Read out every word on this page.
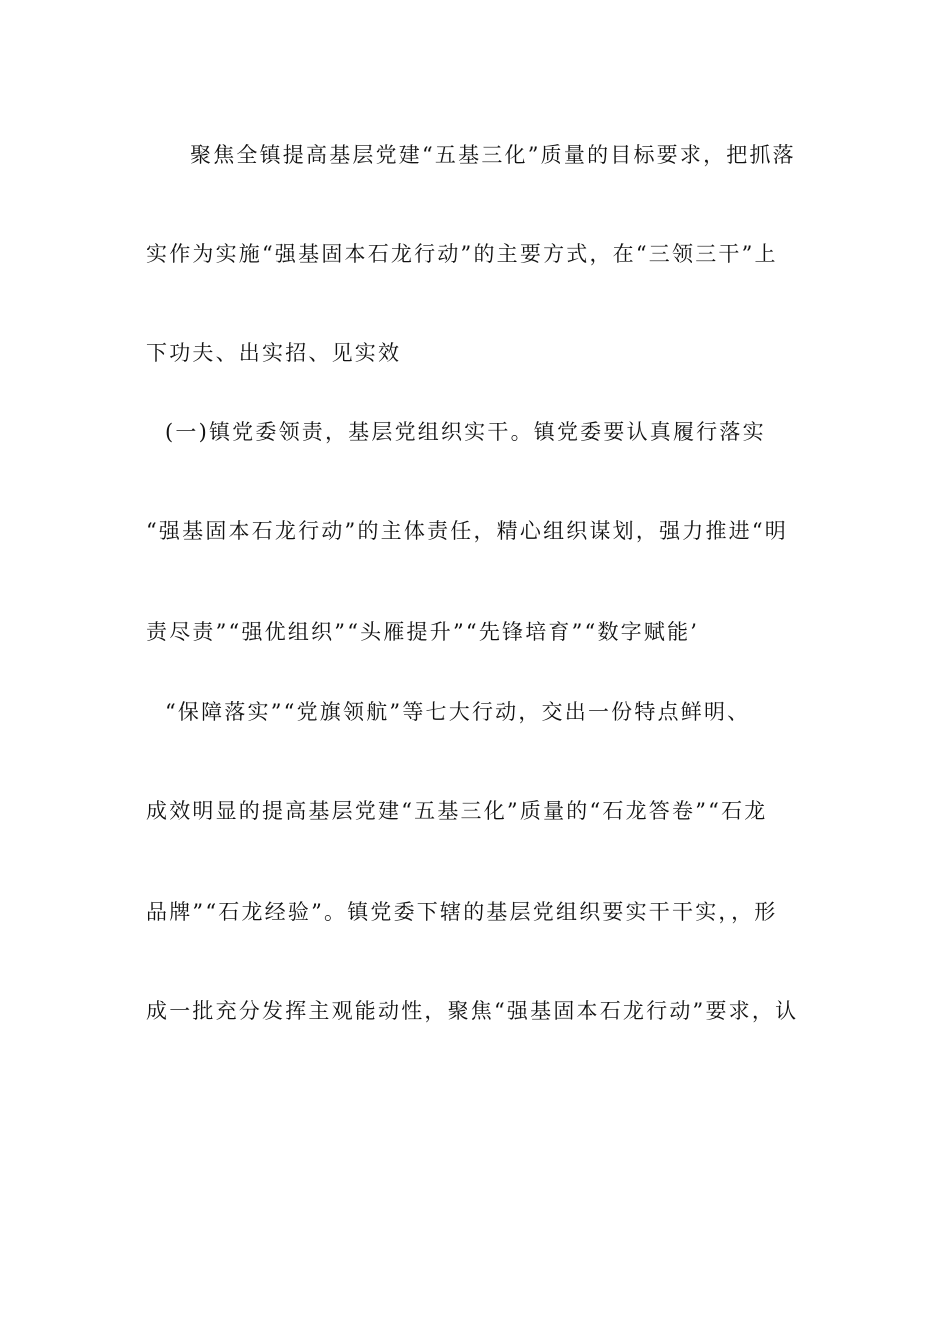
聚焦全镇提高基层党建“五基三化”质量的目标要求，把抓落
实作为实施“强基固本石龙行动”的主要方式，在“三领三干”上
下功夫、出实招、见实效
(一)镇党委领责，基层党组织实干。镇党委要认真履行落实
“强基固本石龙行动”的主体责任，精心组织谋划，强力推进“明
责尽责”“强优组织”“头雁提升”“先锋培育”“数字赋能’
“保障落实”“党旗领航”等七大行动，交出一份特点鲜明、
成效明显的提高基层党建“五基三化”质量的“石龙答卷”“石龙
品牌”“石龙经验”。镇党委下辖的基层党组织要实干干实，，形
成一批充分发挥主观能动性，聚焦“强基固本石龙行动”要求，认
